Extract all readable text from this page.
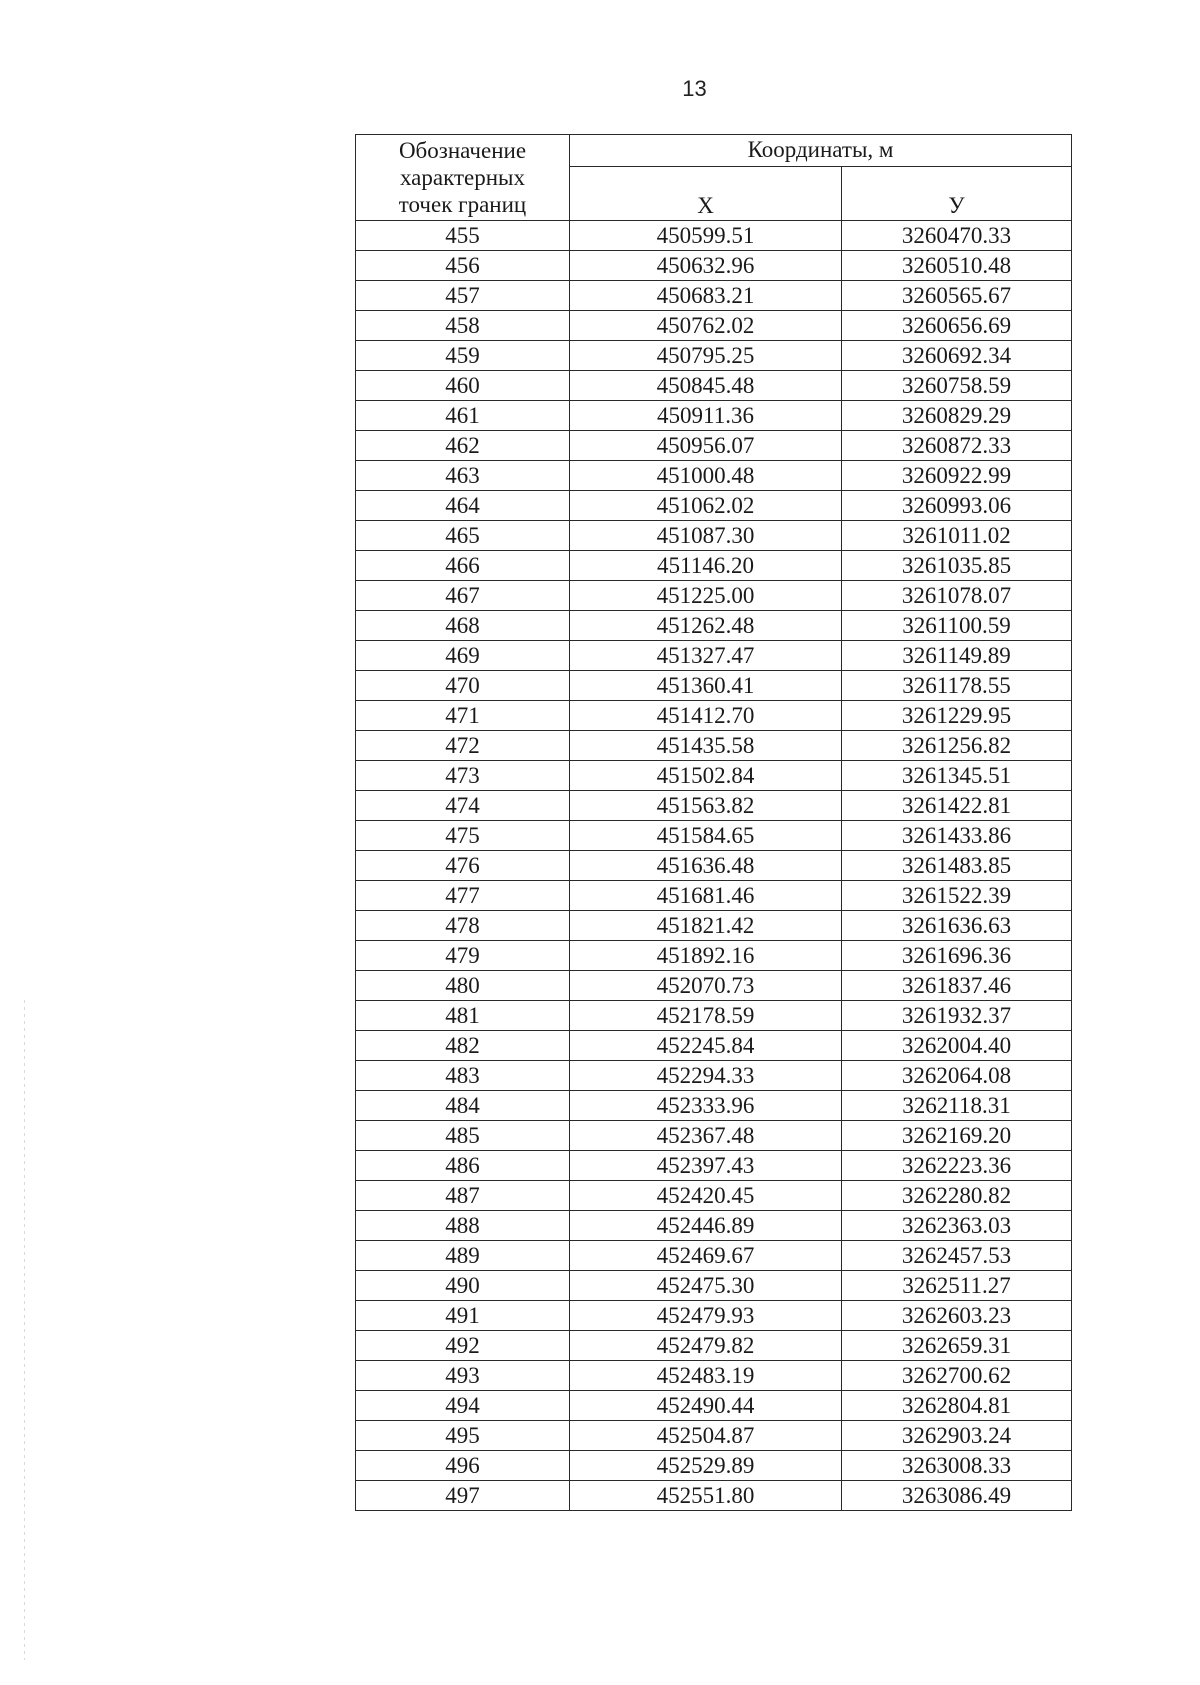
13
Обозначение
характерных
точек границ	Координаты, м	
	X	У
455	450599.51	3260470.33
456	450632.96	3260510.48
457	450683.21	3260565.67
458	450762.02	3260656.69
459	450795.25	3260692.34
460	450845.48	3260758.59
461	450911.36	3260829.29
462	450956.07	3260872.33
463	451000.48	3260922.99
464	451062.02	3260993.06
465	451087.30	3261011.02
466	451146.20	3261035.85
467	451225.00	3261078.07
468	451262.48	3261100.59
469	451327.47	3261149.89
470	451360.41	3261178.55
471	451412.70	3261229.95
472	451435.58	3261256.82
473	451502.84	3261345.51
474	451563.82	3261422.81
475	451584.65	3261433.86
476	451636.48	3261483.85
477	451681.46	3261522.39
478	451821.42	3261636.63
479	451892.16	3261696.36
480	452070.73	3261837.46
481	452178.59	3261932.37
482	452245.84	3262004.40
483	452294.33	3262064.08
484	452333.96	3262118.31
485	452367.48	3262169.20
486	452397.43	3262223.36
487	452420.45	3262280.82
488	452446.89	3262363.03
489	452469.67	3262457.53
490	452475.30	3262511.27
491	452479.93	3262603.23
492	452479.82	3262659.31
493	452483.19	3262700.62
494	452490.44	3262804.81
495	452504.87	3262903.24
496	452529.89	3263008.33
497	452551.80	3263086.49
